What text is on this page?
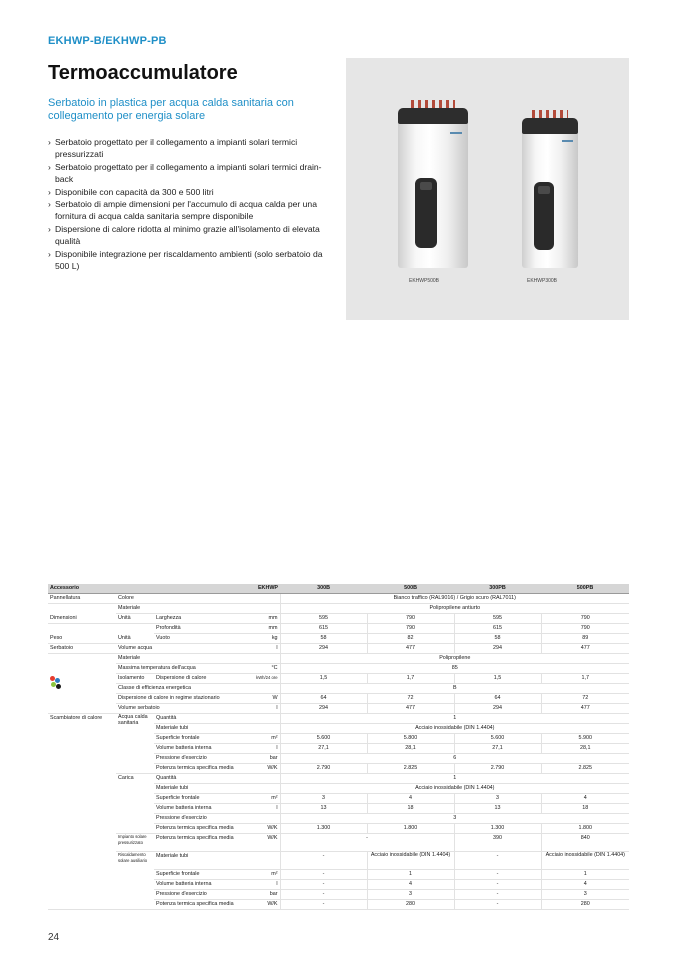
EKHWP-B/EKHWP-PB
Termoaccumulatore
Serbatoio in plastica per acqua calda sanitaria con collegamento per energia solare
› Serbatoio progettato per il collegamento a impianti solari termici pressurizzati
› Serbatoio progettato per il collegamento a impianti solari termici drain-back
› Disponibile con capacità da 300 e 500 litri
› Serbatoio di ampie dimensioni per l'accumulo di acqua calda per una fornitura di acqua calda sanitaria sempre disponibile
› Dispersione di calore ridotta al minimo grazie all'isolamento di elevata qualità
› Disponibile integrazione per riscaldamento ambienti (solo serbatoio da 500 L)
EKHWP500B	EKHWP300B
Accessorio			EKHWP	300B	500B	300PB	500PB
Pannellatura	Colore			Bianco traffico (RAL9016) / Grigio scuro (RAL7011)			
	Materiale			Polipropilene antiurto			
Dimensioni	Unità	Larghezza	mm	595	790	595	790
		Profondità	mm	615	790	615	790
Peso	Unità	Vuoto	kg	58	82	58	89
Serbatoio	Volume acqua		l	294	477	294	477
	Materiale			Polipropilene			
	Massima temperatura dell'acqua		°C	85			

	Isolamento	Dispersione di calore	kWh/24 ore	1,5	1,7	1,5	1,7
	Classe di efficienza energetica			B			
	Dispersione di calore in regime stazionario		W	64	72	64	72
	Volume serbatoio		l	294	477	294	477
Scambiatore di calore	Acqua calda sanitaria	Quantità		1			
		Materiale tubi		Acciaio inossidabile (DIN 1.4404)			
		Superficie frontale	m²	5.600	5.800	5.600	5.900
		Volume batteria interna	l	27,1	28,1	27,1	28,1
		Pressione d'esercizio	bar	6			
		Potenza termica specifica media	W/K	2.790	2.825	2.790	2.825
	Carica	Quantità		1			
		Materiale tubi		Acciaio inossidabile (DIN 1.4404)			
		Superficie frontale	m²	3	4	3	4
		Volume batteria interna	l	13	18	13	18
		Pressione d'esercizio		3			
		Potenza termica specifica media	W/K	1.300	1.800	1.300	1.800
	Impianto solare pressurizzato	Potenza termica specifica media	W/K	-		390	840
	Riscaldamento solare ausiliario	Materiale tubi		-	Acciaio inossidabile (DIN 1.4404)	-	Acciaio inossidabile (DIN 1.4404)
		Superficie frontale	m²	-	1	-	1
		Volume batteria interna	l	-	4	-	4
		Pressione d'esercizio	bar	-	3	-	3
		Potenza termica specifica media	W/K	-	280	-	280
24
